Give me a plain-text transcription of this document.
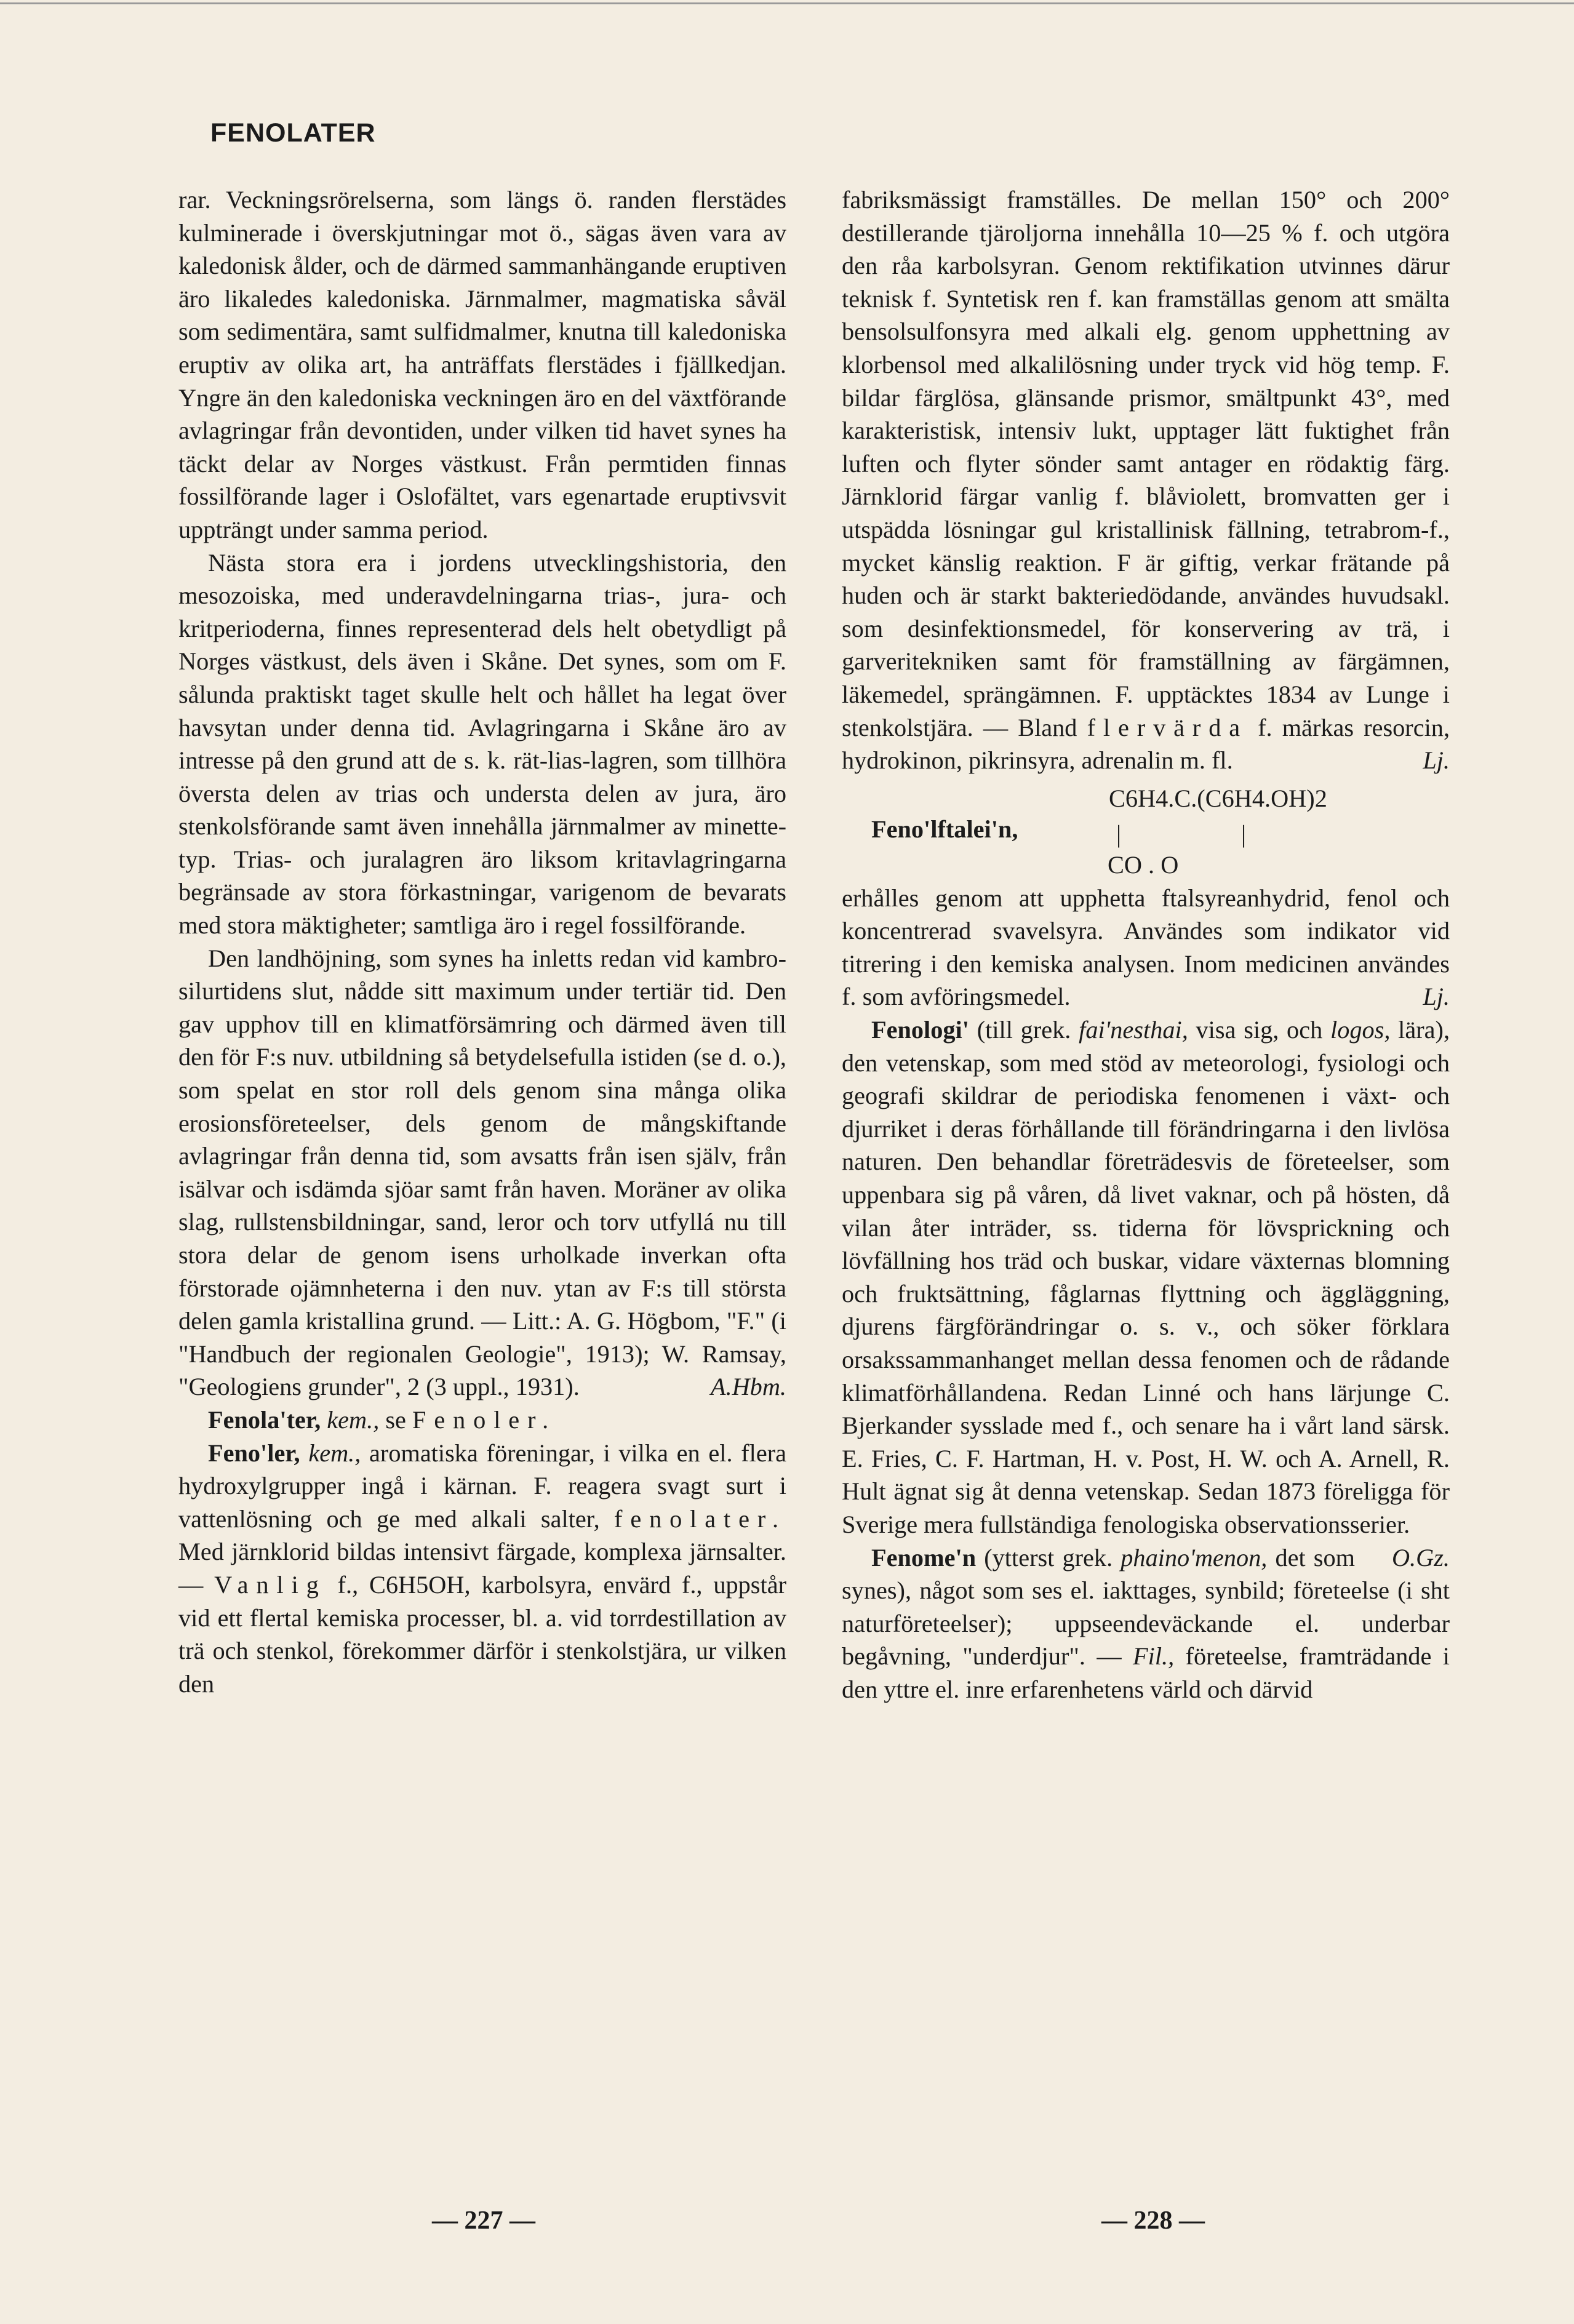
FENOLATER

rar. Veckningsrörelserna, som längs ö. randen flerstädes kulminerade i överskjutningar mot ö., sägas även vara av kaledonisk ålder, och de därmed sammanhängande eruptiven äro likaledes kaledoniska. Järnmalmer, magmatiska såväl som sedimentära, samt sulfidmalmer, knutna till kaledoniska eruptiv av olika art, ha anträffats flerstädes i fjällkedjan. Yngre än den kaledoniska veckningen äro en del växtförande avlagringar från devontiden, under vilken tid havet synes ha täckt delar av Norges västkust. Från permtiden finnas fossilförande lager i Oslofältet, vars egenartade eruptivsvit uppträngt under samma period.

Nästa stora era i jordens utvecklingshistoria, den mesozoiska, med underavdelningarna trias-, jura- och kritperioderna, finnes representerad dels helt obetydligt på Norges västkust, dels även i Skåne. Det synes, som om F. sålunda praktiskt taget skulle helt och hållet ha legat över havsytan under denna tid. Avlagringarna i Skåne äro av intresse på den grund att de s. k. rät-lias-lagren, som tillhöra översta delen av trias och understa delen av jura, äro stenkolsförande samt även innehålla järnmalmer av minette-typ. Trias- och juralagren äro liksom kritavlagringarna begränsade av stora förkastningar, varigenom de bevarats med stora mäktigheter; samtliga äro i regel fossilförande.

Den landhöjning, som synes ha inletts redan vid kambro-silurtidens slut, nådde sitt maximum under tertiär tid. Den gav upphov till en klimatförsämring och därmed även till den för F:s nuv. utbildning så betydelsefulla istiden (se d. o.), som spelat en stor roll dels genom sina många olika erosionsföreteelser, dels genom de mångskiftande avlagringar från denna tid, som avsatts från isen själv, från isälvar och isdämda sjöar samt från haven. Moräner av olika slag, rullstensbildningar, sand, leror och torv utfyllá nu till stora delar de genom isens urholkade inverkan ofta förstorade ojämnheterna i den nuv. ytan av F:s till största delen gamla kristallina grund. — Litt.: A. G. Högbom, "F." (i "Handbuch der regionalen Geologie", 1913); W. Ramsay, "Geologiens grunder", 2 (3 uppl., 1931).	A.Hbm.

Fenola'ter, kem., se Fenoler.

Feno'ler, kem., aromatiska föreningar, i vilka en el. flera hydroxylgrupper ingå i kärnan. F. reagera svagt surt i vattenlösning och ge med alkali salter, fenolater. Med järnklorid bildas intensivt färgade, komplexa järnsalter. — Vanlig f., C6H5OH, karbolsyra, envärd f., uppstår vid ett flertal kemiska processer, bl. a. vid torrdestillation av trä och stenkol, förekommer därför i stenkolstjära, ur vilken den

fabriksmässigt framställes. De mellan 150° och 200° destillerande tjäroljorna innehålla 10—25 % f. och utgöra den råa karbolsyran. Genom rektifikation utvinnes därur teknisk f. Syntetisk ren f. kan framställas genom att smälta bensolsulfonsyra med alkali elg. genom upphettning av klorbensol med alkalilösning under tryck vid hög temp. F. bildar färglösa, glänsande prismor, smältpunkt 43°, med karakteristisk, intensiv lukt, upptager lätt fuktighet från luften och flyter sönder samt antager en rödaktig färg. Järnklorid färgar vanlig f. blåviolett, bromvatten ger i utspädda lösningar gul kristallinisk fällning, tetrabrom-f., mycket känslig reaktion. F är giftig, verkar frätande på huden och är starkt bakteriedödande, användes huvudsakl. som desinfektionsmedel, för konservering av trä, i garveritekniken samt för framställning av färgämnen, läkemedel, sprängämnen. F. upptäcktes 1834 av Lunge i stenkolstjära. — Bland flervärda f. märkas resorcin, hydrokinon, pikrinsyra, adrenalin m. fl.	Lj.

Feno'lftalei'n,
C6H4.C.(C6H4.OH)2
|	|
CO . O

erhålles genom att upphetta ftalsyreanhydrid, fenol och koncentrerad svavelsyra. Användes som indikator vid titrering i den kemiska analysen. Inom medicinen användes f. som avföringsmedel.	Lj.

Fenologi' (till grek. fai'nesthai, visa sig, och logos, lära), den vetenskap, som med stöd av meteorologi, fysiologi och geografi skildrar de periodiska fenomenen i växt- och djurriket i deras förhållande till förändringarna i den livlösa naturen. Den behandlar företrädesvis de företeelser, som uppenbara sig på våren, då livet vaknar, och på hösten, då vilan åter inträder, ss. tiderna för lövsprickning och lövfällning hos träd och buskar, vidare växternas blomning och fruktsättning, fåglarnas flyttning och äggläggning, djurens färgförändringar o. s. v., och söker förklara orsakssammanhanget mellan dessa fenomen och de rådande klimatförhållandena. Redan Linné och hans lärjunge C. Bjerkander sysslade med f., och senare ha i vårt land särsk. E. Fries, C. F. Hartman, H. v. Post, H. W. och A. Arnell, R. Hult ägnat sig åt denna vetenskap. Sedan 1873 föreligga för Sverige mera fullständiga fenologiska observationsserier.
O.Gz.

Fenome'n (ytterst grek. phaino'menon, det som synes), något som ses el. iakttages, synbild; företeelse (i sht naturföreteelser); uppseendeväckande el. underbar begåvning, "underdjur". — Fil., företeelse, framträdande i den yttre el. inre erfarenhetens värld och därvid

— 227 —	— 228 —
